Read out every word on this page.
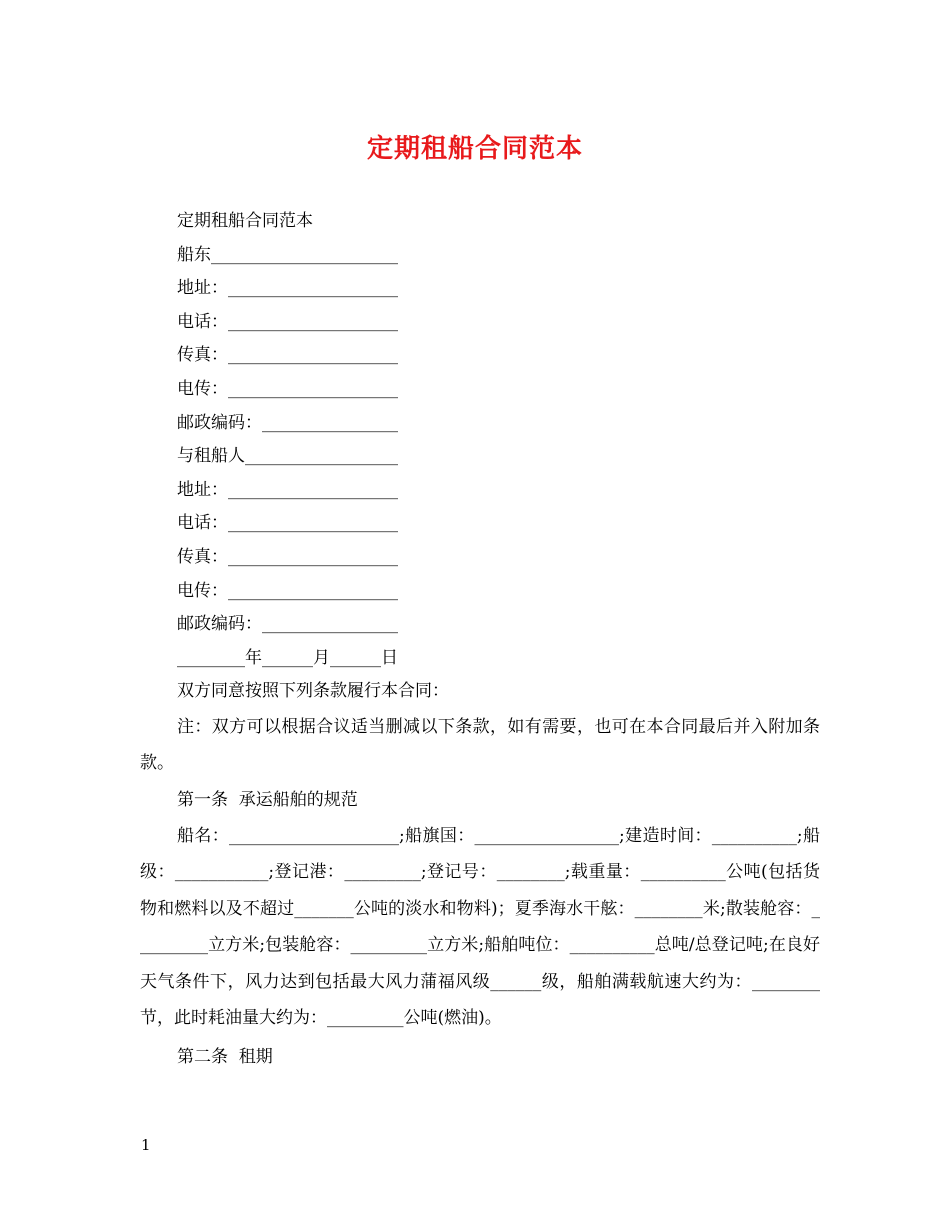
定期租船合同范本
定期租船合同范本
船东______________________
地址：____________________
电话：____________________
传真：____________________
电传：____________________
邮政编码：________________
与租船人__________________
地址：____________________
电话：____________________
传真：____________________
电传：____________________
邮政编码：________________
________年______月______日
双方同意按照下列条款履行本合同：
注：双方可以根据合议适当删减以下条款，如有需要，也可在本合同最后并入附加条款。
第一条  承运船舶的规范
船名：____________________;船旗国：_________________;建造时间：__________;船级：___________;登记港：_________;登记号：________;载重量：__________公吨(包括货物和燃料以及不超过_______公吨的淡水和物料)；夏季海水干舷：________米;散装舱容：_________立方米;包装舱容：_________立方米;船舶吨位：__________总吨/总登记吨;在良好天气条件下，风力达到包括最大风力蒲福风级______级，船舶满载航速大约为：________节，此时耗油量大约为：_________公吨(燃油)。
第二条  租期
1
